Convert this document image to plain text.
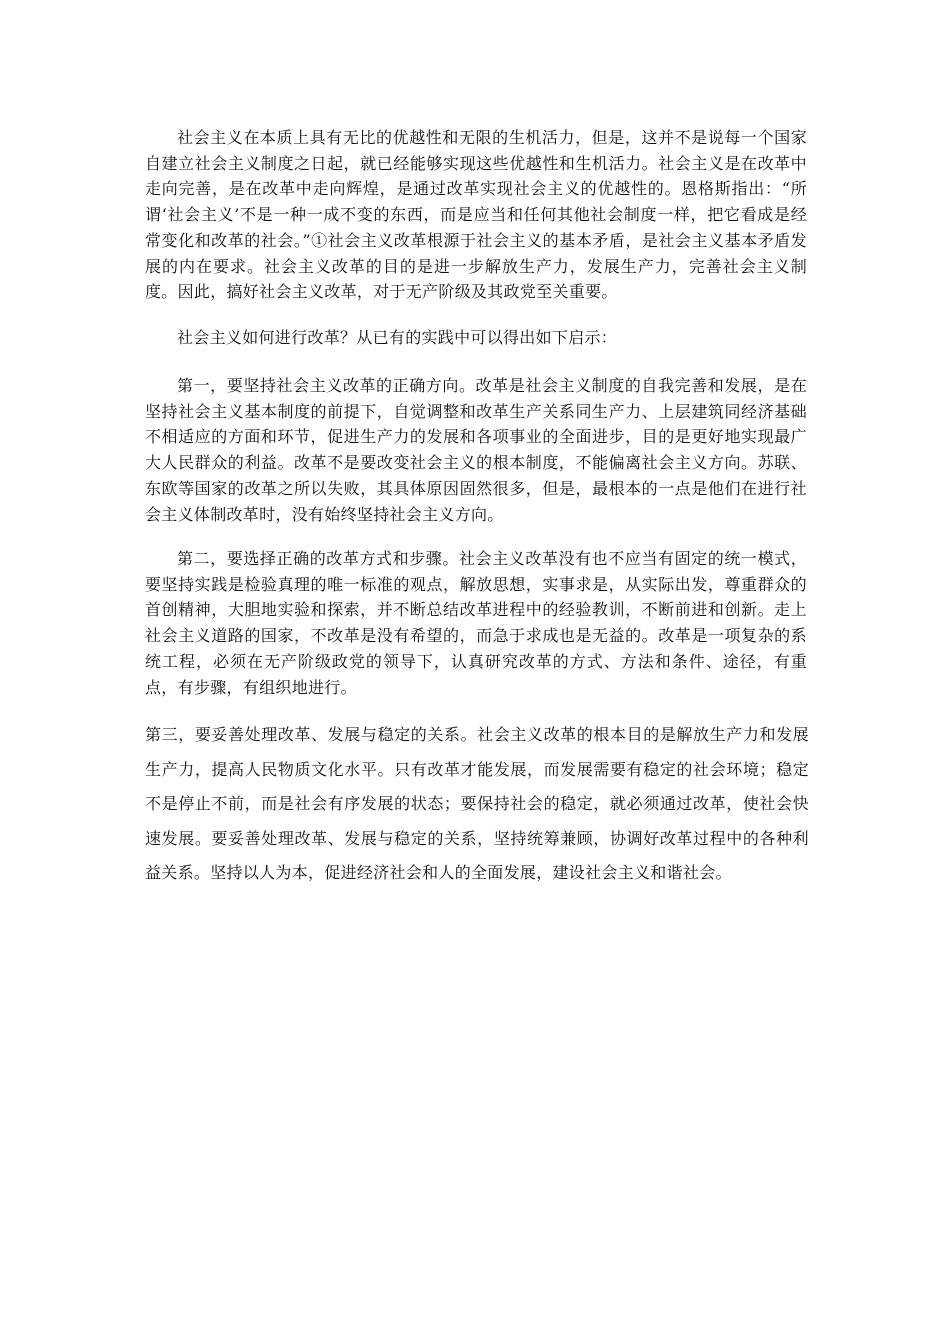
社会主义在本质上具有无比的优越性和无限的生机活力，但是，这并不是说每一个国家自建立社会主义制度之日起，就已经能够实现这些优越性和生机活力。社会主义是在改革中走向完善，是在改革中走向辉煌，是通过改革实现社会主义的优越性的。恩格斯指出：“所谓‘社会主义’不是一种一成不变的东西，而是应当和任何其他社会制度一样，把它看成是经常变化和改革的社会。”①社会主义改革根源于社会主义的基本矛盾，是社会主义基本矛盾发展的内在要求。社会主义改革的目的是进一步解放生产力，发展生产力，完善社会主义制度。因此，搞好社会主义改革，对于无产阶级及其政党至关重要。

社会主义如何进行改革？从已有的实践中可以得出如下启示：

第一，要坚持社会主义改革的正确方向。改革是社会主义制度的自我完善和发展，是在坚持社会主义基本制度的前提下，自觉调整和改革生产关系同生产力、上层建筑同经济基础不相适应的方面和环节，促进生产力的发展和各项事业的全面进步，目的是更好地实现最广大人民群众的利益。改革不是要改变社会主义的根本制度，不能偏离社会主义方向。苏联、东欧等国家的改革之所以失败，其具体原因固然很多，但是，最根本的一点是他们在进行社会主义体制改革时，没有始终坚持社会主义方向。

第二，要选择正确的改革方式和步骤。社会主义改革没有也不应当有固定的统一模式，要坚持实践是检验真理的唯一标准的观点，解放思想，实事求是，从实际出发，尊重群众的首创精神，大胆地实验和探索，并不断总结改革进程中的经验教训，不断前进和创新。走上社会主义道路的国家，不改革是没有希望的，而急于求成也是无益的。改革是一项复杂的系统工程，必须在无产阶级政党的领导下，认真研究改革的方式、方法和条件、途径，有重点，有步骤，有组织地进行。

第三，要妥善处理改革、发展与稳定的关系。社会主义改革的根本目的是解放生产力和发展生产力，提高人民物质文化水平。只有改革才能发展，而发展需要有稳定的社会环境；稳定不是停止不前，而是社会有序发展的状态；要保持社会的稳定，就必须通过改革，使社会快速发展。要妥善处理改革、发展与稳定的关系，坚持统筹兼顾，协调好改革过程中的各种利益关系。坚持以人为本，促进经济社会和人的全面发展，建设社会主义和谐社会。
